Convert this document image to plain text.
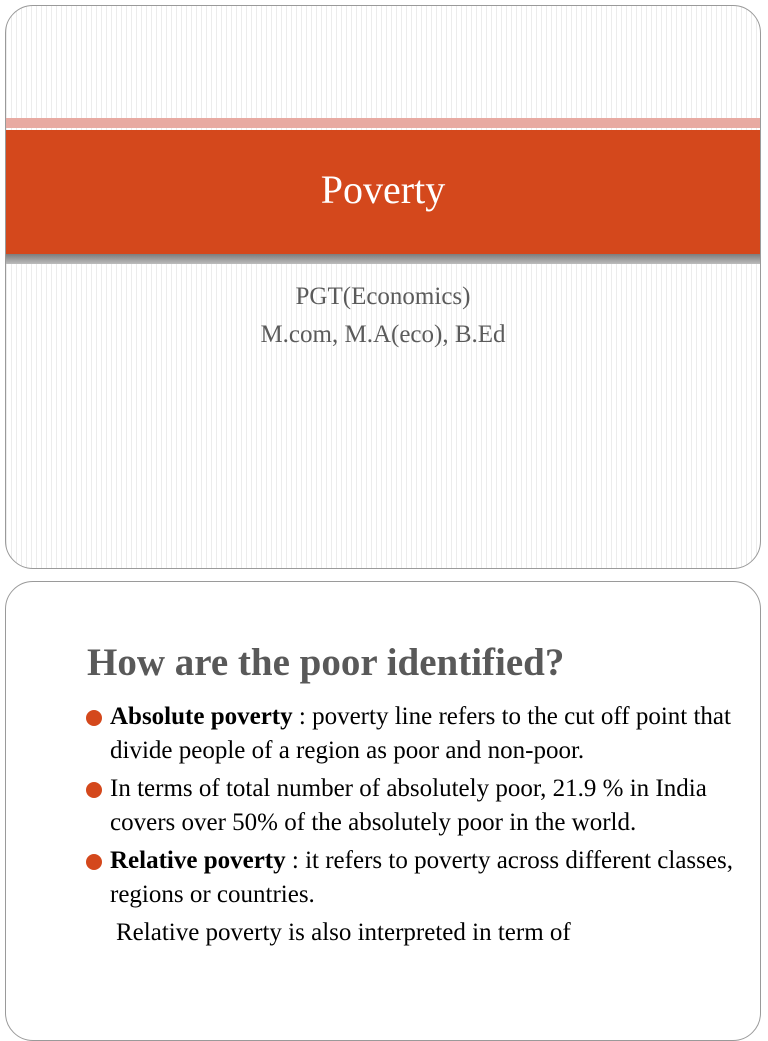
Poverty
PGT(Economics)
M.com, M.A(eco), B.Ed
How are the poor identified?
Absolute poverty : poverty line refers to the cut off point that divide people of a region as poor and non-poor.
In terms of total number of absolutely poor, 21.9 % in India covers over 50% of the absolutely poor in the world.
Relative poverty : it refers to poverty across different classes, regions or countries.
Relative poverty is also interpreted in term of
